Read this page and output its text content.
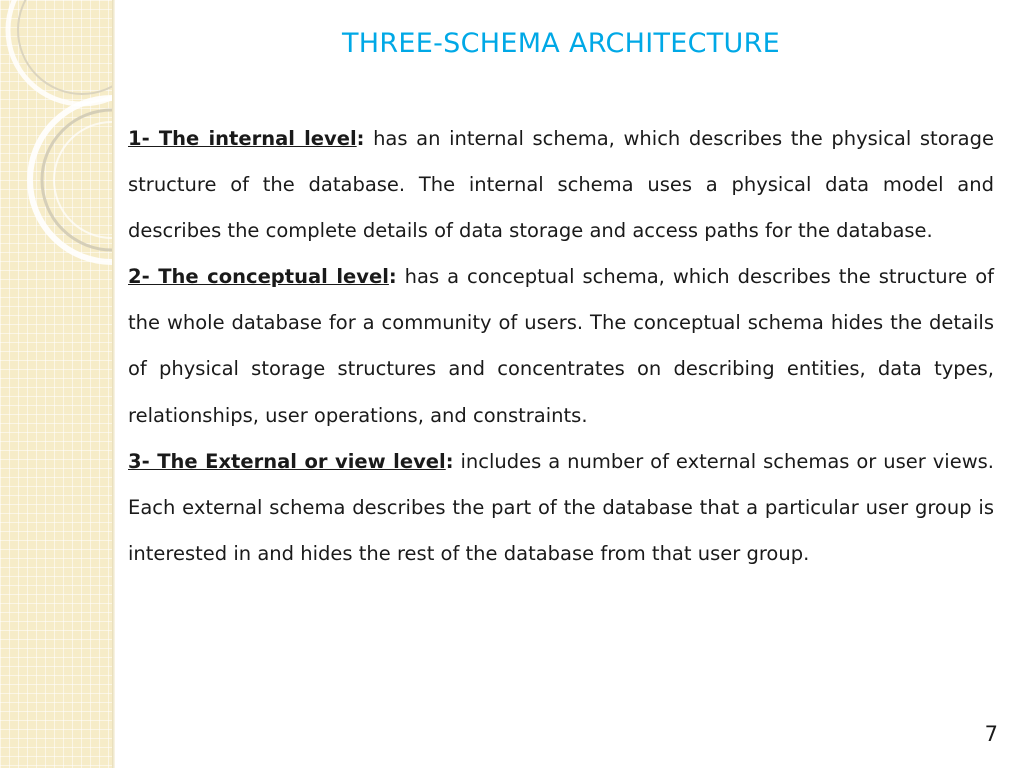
THREE-SCHEMA ARCHITECTURE

1- The internal level: has an internal schema, which describes the physical storage structure of the database. The internal schema uses a physical data model and describes the complete details of data storage and access paths for the database.

2- The conceptual level: has a conceptual schema, which describes the structure of the whole database for a community of users. The conceptual schema hides the details of physical storage structures and concentrates on describing entities, data types, relationships, user operations, and constraints.

3- The External or view level: includes a number of external schemas or user views. Each external schema describes the part of the database that a particular user group is interested in and hides the rest of the database from that user group.

7
